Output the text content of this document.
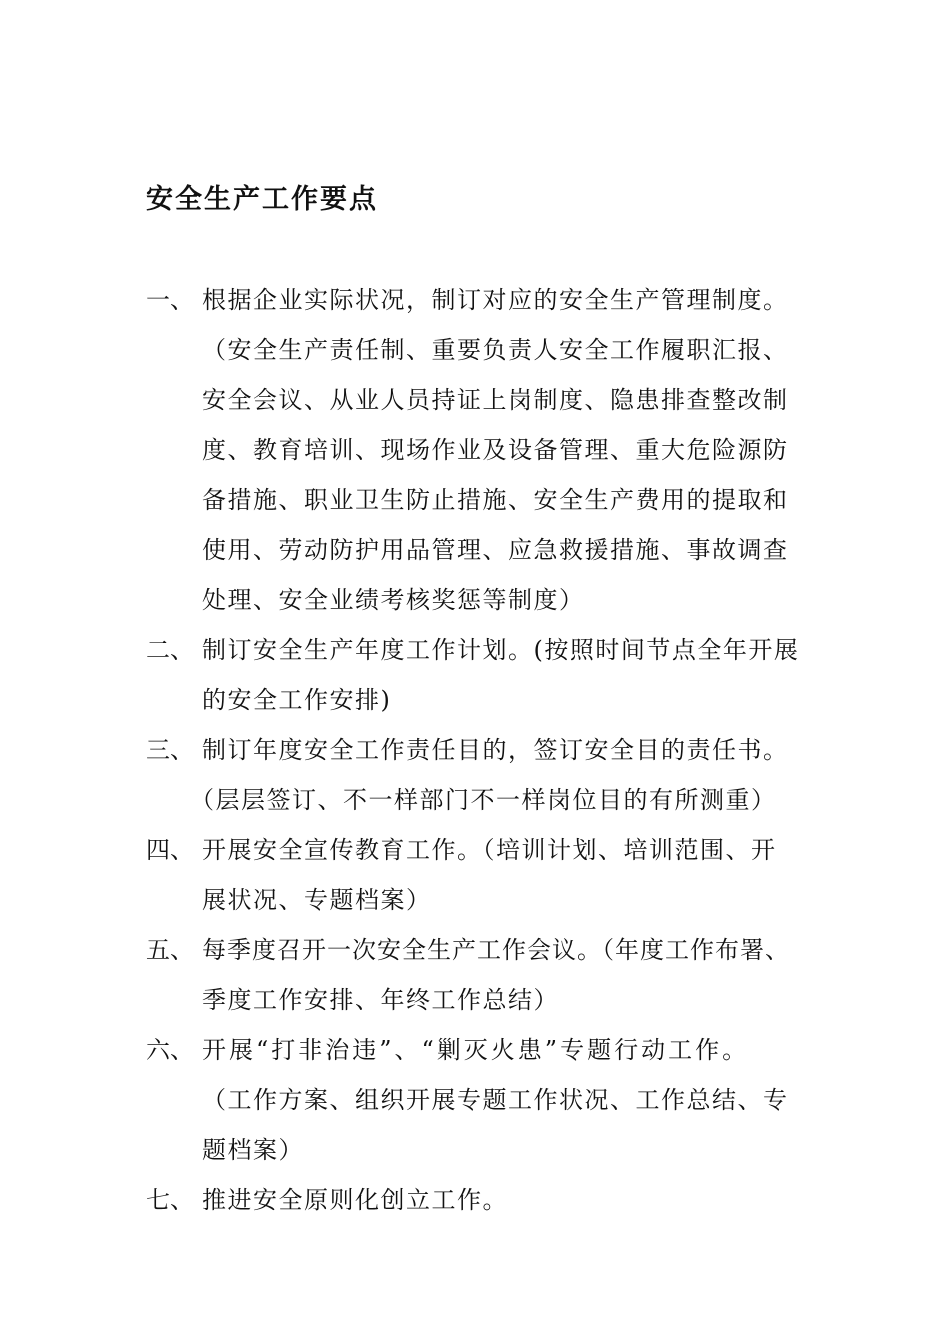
安全生产工作要点
一、 根据企业实际状况，制订对应的安全生产管理制度。
（安全生产责任制、重要负责人安全工作履职汇报、
安全会议、从业人员持证上岗制度、隐患排查整改制
度、教育培训、现场作业及设备管理、重大危险源防
备措施、职业卫生防止措施、安全生产费用的提取和
使用、劳动防护用品管理、应急救援措施、事故调查
处理、安全业绩考核奖惩等制度）
二、 制订安全生产年度工作计划。(按照时间节点全年开展
的安全工作安排)
三、 制订年度安全工作责任目的，签订安全目的责任书。
（层层签订、不一样部门不一样岗位目的有所测重）
四、 开展安全宣传教育工作。（培训计划、培训范围、开
展状况、专题档案）
五、 每季度召开一次安全生产工作会议。（年度工作布署、
季度工作安排、年终工作总结）
六、 开展“打非治违”、“剿灭火患”专题行动工作。
（工作方案、组织开展专题工作状况、工作总结、专
题档案）
七、 推进安全原则化创立工作。
